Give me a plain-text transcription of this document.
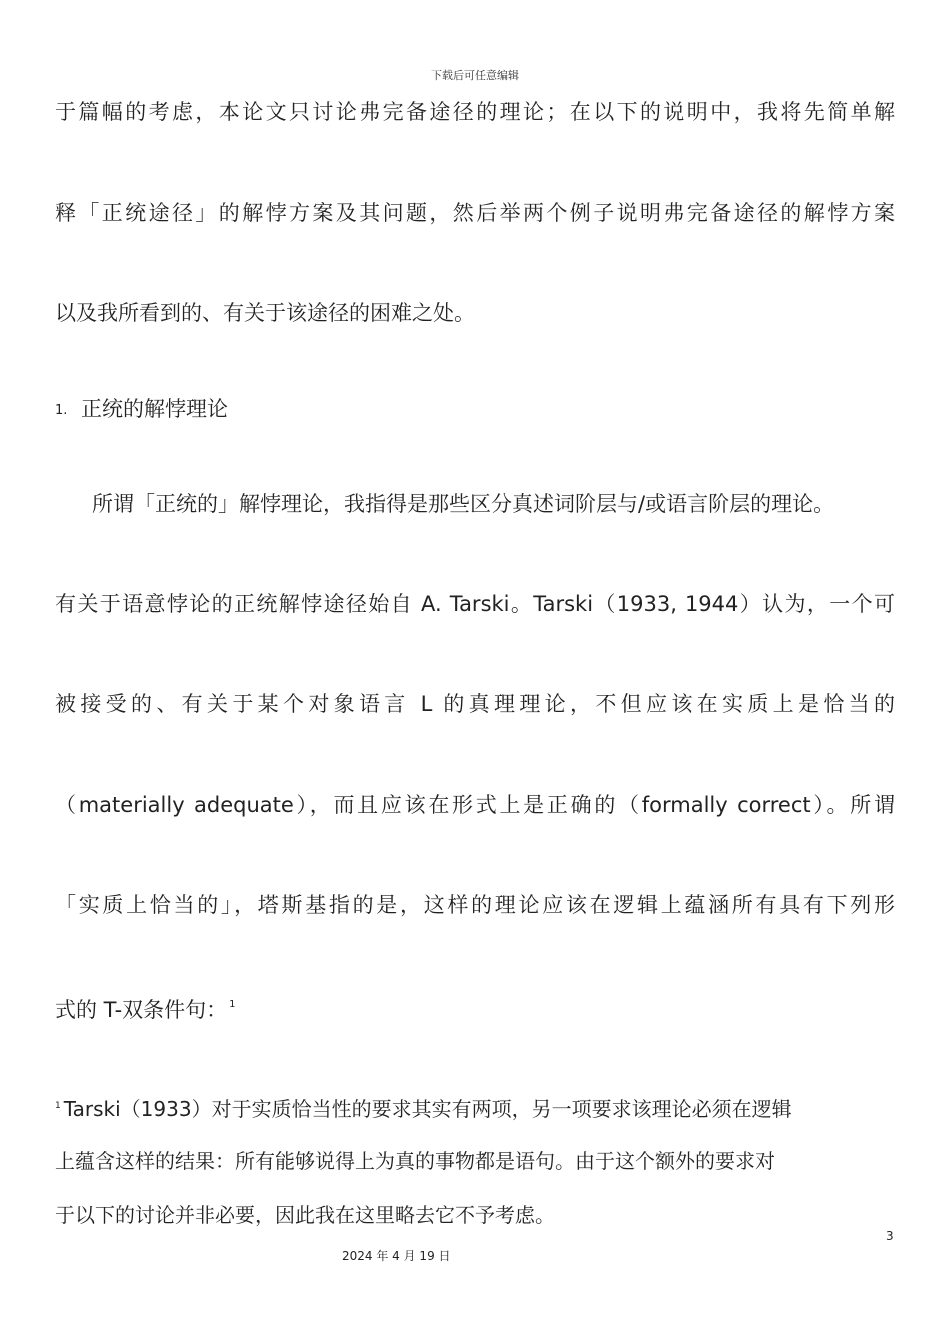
下载后可任意编辑
于篇幅的考虑，本论文只讨论弗完备途径的理论；在以下的说明中，我将先简单解
释「正统途径」的解悖方案及其问题，然后举两个例子说明弗完备途径的解悖方案
以及我所看到的、有关于该途径的困难之处。
1. 正统的解悖理论
所谓「正统的」解悖理论，我指得是那些区分真述词阶层与/或语言阶层的理论。
有关于语意悖论的正统解悖途径始自 A. Tarski。Tarski（1933, 1944）认为，一个可
被接受的、有关于某个对象语言 L 的真理理论，不但应该在实质上是恰当的
（materially adequate），而且应该在形式上是正确的（formally correct）。所谓
「实质上恰当的」，塔斯基指的是，这样的理论应该在逻辑上蕴涵所有具有下列形
式的 T-双条件句： $^1$
$^1$ Tarski（1933）对于实质恰当性的要求其实有两项，另一项要求该理论必须在逻辑
上蕴含这样的结果：所有能够说得上为真的事物都是语句。由于这个额外的要求对
于以下的讨论并非必要，因此我在这里略去它不予考虑。
3
2024 年 4 月 19 日
